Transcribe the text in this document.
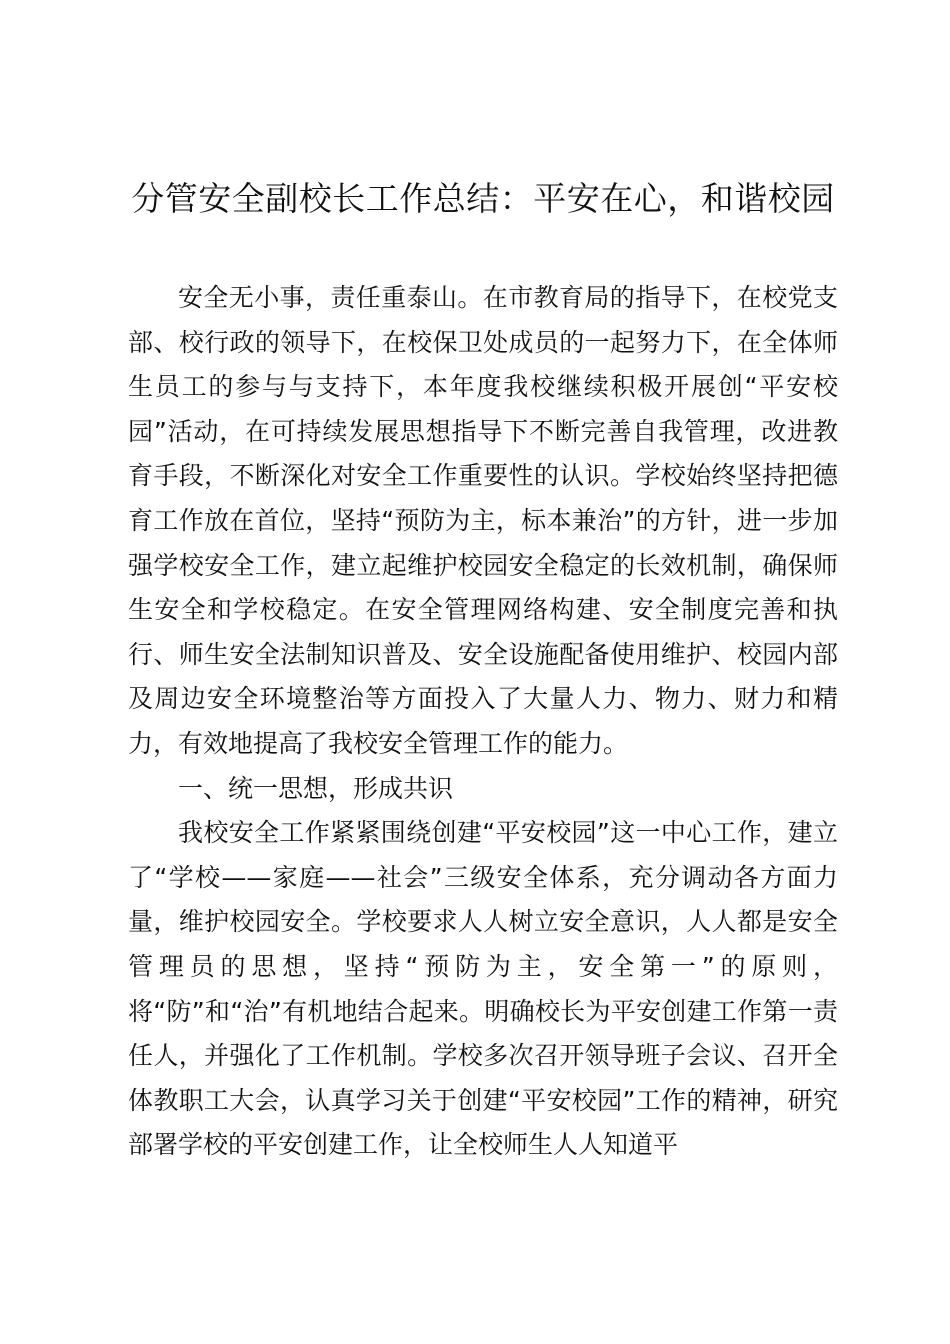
分管安全副校长工作总结：平安在心，和谐校园

安全无小事，责任重泰山。在市教育局的指导下，在校党支部、校行政的领导下，在校保卫处成员的一起努力下，在全体师生员工的参与与支持下，本年度我校继续积极开展创“平安校园”活动，在可持续发展思想指导下不断完善自我管理，改进教育手段，不断深化对安全工作重要性的认识。学校始终坚持把德育工作放在首位，坚持“预防为主，标本兼治”的方针，进一步加强学校安全工作，建立起维护校园安全稳定的长效机制，确保师生安全和学校稳定。在安全管理网络构建、安全制度完善和执行、师生安全法制知识普及、安全设施配备使用维护、校园内部及周边安全环境整治等方面投入了大量人力、物力、财力和精力，有效地提高了我校安全管理工作的能力。

一、统一思想，形成共识

我校安全工作紧紧围绕创建“平安校园”这一中心工作，建立了“学校——家庭——社会”三级安全体系，充分调动各方面力量，维护校园安全。学校要求人人树立安全意识，人人都是安全管理员的思想，坚持“预防为主，安全第一”的原则，将“防”和“治”有机地结合起来。明确校长为平安创建工作第一责任人，并强化了工作机制。学校多次召开领导班子会议、召开全体教职工大会，认真学习关于创建“平安校园”工作的精神，研究部署学校的平安创建工作，让全校师生人人知道平
